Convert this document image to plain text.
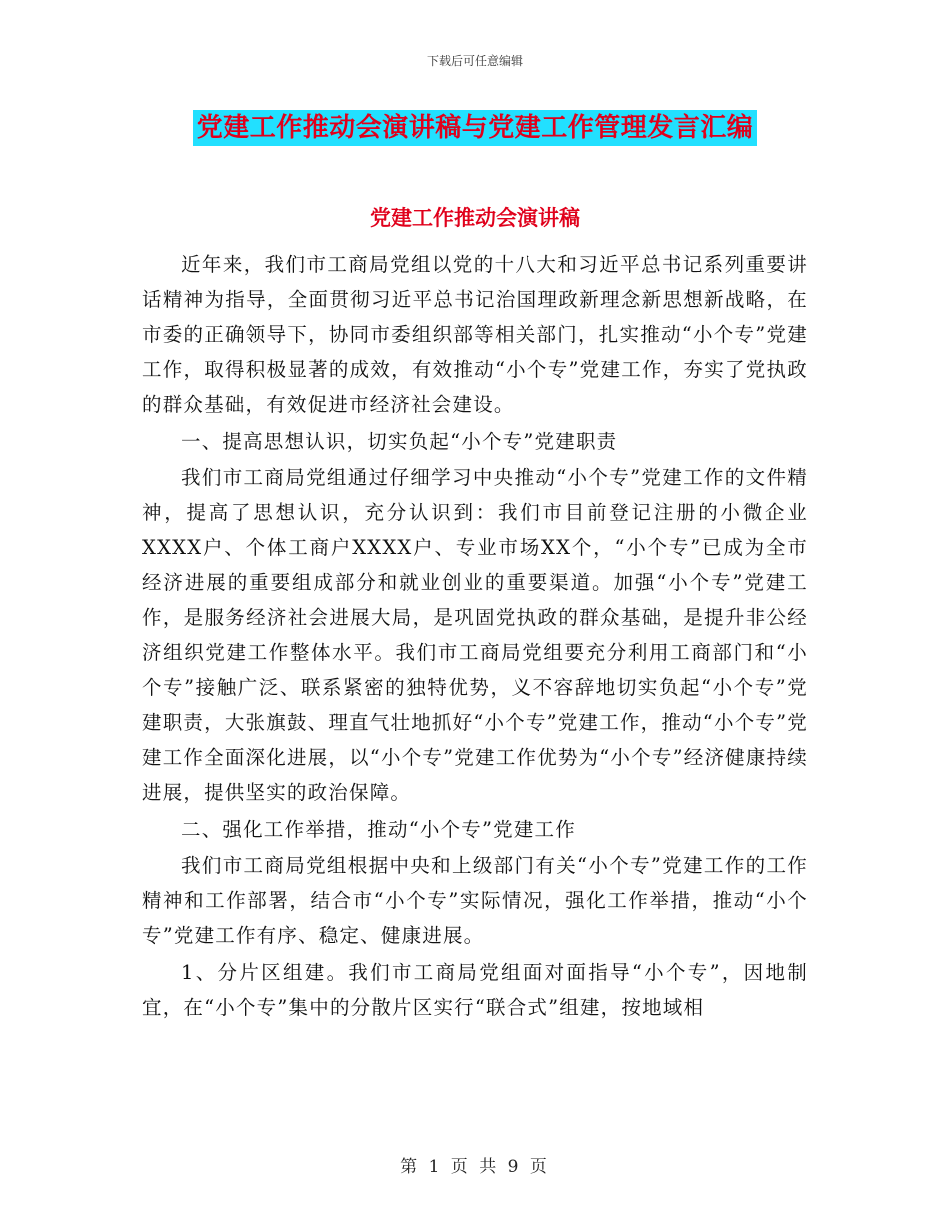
下载后可任意编辑
党建工作推动会演讲稿与党建工作管理发言汇编
党建工作推动会演讲稿

近年来，我们市工商局党组以党的十八大和习近平总书记系列重要讲话精神为指导，全面贯彻习近平总书记治国理政新理念新思想新战略，在市委的正确领导下，协同市委组织部等相关部门，扎实推动“小个专”党建工作，取得积极显著的成效，有效推动“小个专”党建工作，夯实了党执政的群众基础，有效促进市经济社会建设。

一、提高思想认识，切实负起“小个专”党建职责

我们市工商局党组通过仔细学习中央推动“小个专”党建工作的文件精神，提高了思想认识，充分认识到：我们市目前登记注册的小微企业XXXX户、个体工商户XXXX户、专业市场XX个，“小个专”已成为全市经济进展的重要组成部分和就业创业的重要渠道。加强“小个专”党建工作，是服务经济社会进展大局，是巩固党执政的群众基础，是提升非公经济组织党建工作整体水平。我们市工商局党组要充分利用工商部门和“小个专”接触广泛、联系紧密的独特优势，义不容辞地切实负起“小个专”党建职责，大张旗鼓、理直气壮地抓好“小个专”党建工作，推动“小个专”党建工作全面深化进展，以“小个专”党建工作优势为“小个专”经济健康持续进展，提供坚实的政治保障。

二、强化工作举措，推动“小个专”党建工作

我们市工商局党组根据中央和上级部门有关“小个专”党建工作的工作精神和工作部署，结合市“小个专”实际情况，强化工作举措，推动“小个专”党建工作有序、稳定、健康进展。

1、分片区组建。我们市工商局党组面对面指导“小个专”，因地制宜，在“小个专”集中的分散片区实行“联合式”组建，按地域相

第 1 页 共 9 页
